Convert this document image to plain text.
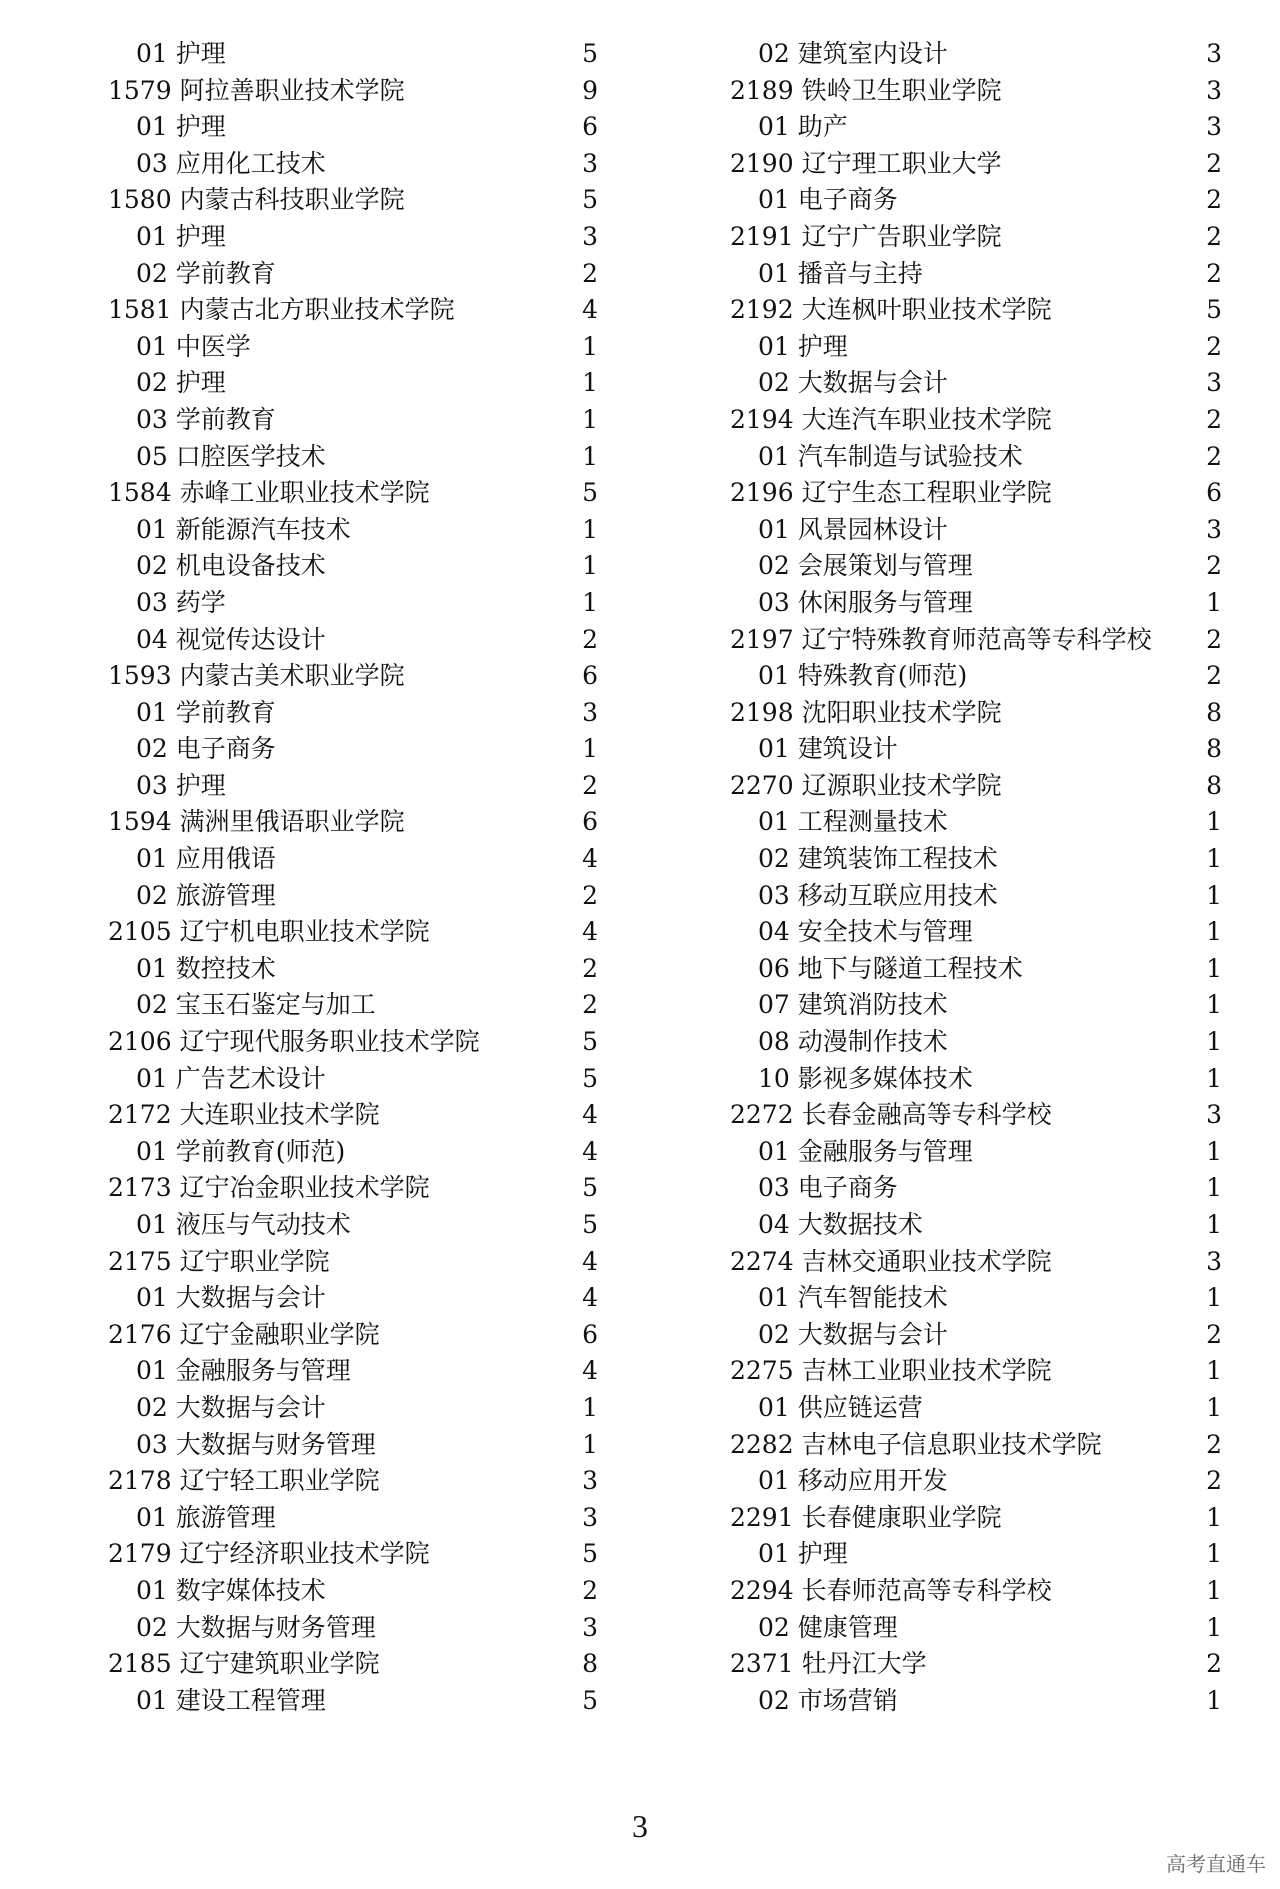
01 护理	5
1579 阿拉善职业技术学院	9
01 护理	6
03 应用化工技术	3
1580 内蒙古科技职业学院	5
01 护理	3
02 学前教育	2
1581 内蒙古北方职业技术学院	4
01 中医学	1
02 护理	1
03 学前教育	1
05 口腔医学技术	1
1584 赤峰工业职业技术学院	5
01 新能源汽车技术	1
02 机电设备技术	1
03 药学	1
04 视觉传达设计	2
1593 内蒙古美术职业学院	6
01 学前教育	3
02 电子商务	1
03 护理	2
1594 满洲里俄语职业学院	6
01 应用俄语	4
02 旅游管理	2
2105 辽宁机电职业技术学院	4
01 数控技术	2
02 宝玉石鉴定与加工	2
2106 辽宁现代服务职业技术学院	5
01 广告艺术设计	5
2172 大连职业技术学院	4
01 学前教育(师范)	4
2173 辽宁冶金职业技术学院	5
01 液压与气动技术	5
2175 辽宁职业学院	4
01 大数据与会计	4
2176 辽宁金融职业学院	6
01 金融服务与管理	4
02 大数据与会计	1
03 大数据与财务管理	1
2178 辽宁轻工职业学院	3
01 旅游管理	3
2179 辽宁经济职业技术学院	5
01 数字媒体技术	2
02 大数据与财务管理	3
2185 辽宁建筑职业学院	8
01 建设工程管理	5
02 建筑室内设计	3
2189 铁岭卫生职业学院	3
01 助产	3
2190 辽宁理工职业大学	2
01 电子商务	2
2191 辽宁广告职业学院	2
01 播音与主持	2
2192 大连枫叶职业技术学院	5
01 护理	2
02 大数据与会计	3
2194 大连汽车职业技术学院	2
01 汽车制造与试验技术	2
2196 辽宁生态工程职业学院	6
01 风景园林设计	3
02 会展策划与管理	2
03 休闲服务与管理	1
2197 辽宁特殊教育师范高等专科学校 2
01 特殊教育(师范)	2
2198 沈阳职业技术学院	8
01 建筑设计	8
2270 辽源职业技术学院	8
01 工程测量技术	1
02 建筑装饰工程技术	1
03 移动互联应用技术	1
04 安全技术与管理	1
06 地下与隧道工程技术	1
07 建筑消防技术	1
08 动漫制作技术	1
10 影视多媒体技术	1
2272 长春金融高等专科学校	3
01 金融服务与管理	1
03 电子商务	1
04 大数据技术	1
2274 吉林交通职业技术学院	3
01 汽车智能技术	1
02 大数据与会计	2
2275 吉林工业职业技术学院	1
01 供应链运营	1
2282 吉林电子信息职业技术学院	2
01 移动应用开发	2
2291 长春健康职业学院	1
01 护理	1
2294 长春师范高等专科学校	1
02 健康管理	1
2371 牡丹江大学	2
02 市场营销	1
3
高考直通车
